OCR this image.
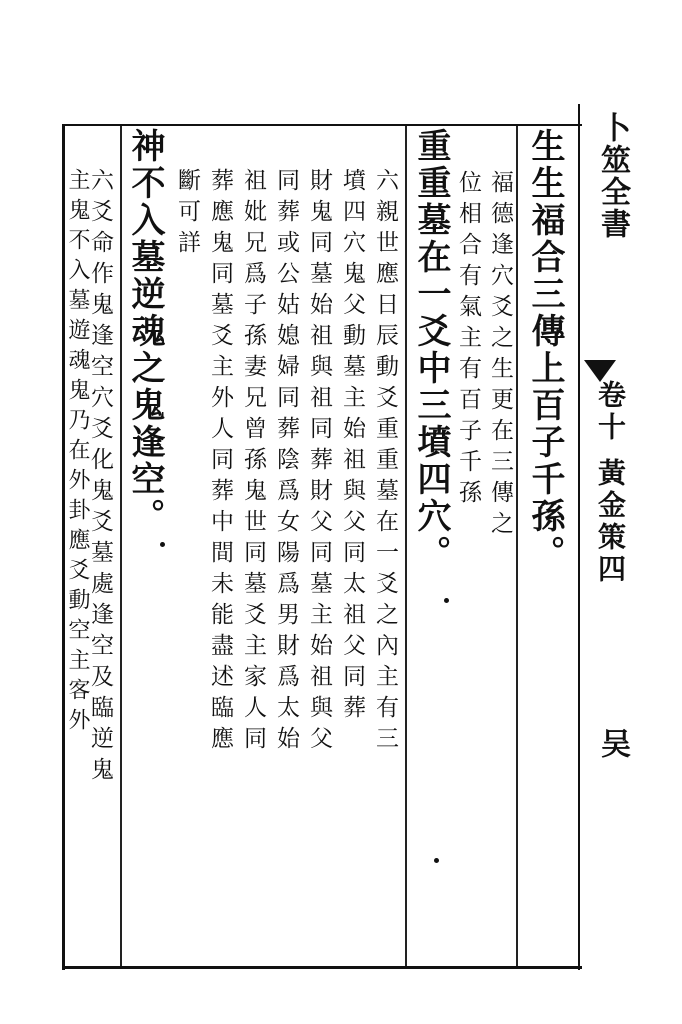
卜筮全書
卷十 黃金策四
吴
生生福合三傳上百子千孫。
福德逢穴爻之生更在三傳之
位相合有氣主有百子千孫
重重墓在一爻中三墳四穴。
六親世應日辰動爻重重墓在一爻之內主有三
墳四穴鬼父動墓主始祖與父同太祖父同葬
財鬼同墓始祖與祖同葬財父同墓主始祖與父
同葬或公姑媳婦同葬陰爲女陽爲男財爲太始
祖妣兄爲子孫妻兄曾孫鬼世同墓爻主家人同
葬應鬼同墓爻主外人同葬中間未能盡述臨應
斷可詳
神不入墓逆魂之鬼逢空。
六爻命作鬼逢空穴爻化鬼爻墓處逢空及臨逆鬼
主鬼不入墓遊魂鬼乃在外卦應爻動空主客外
